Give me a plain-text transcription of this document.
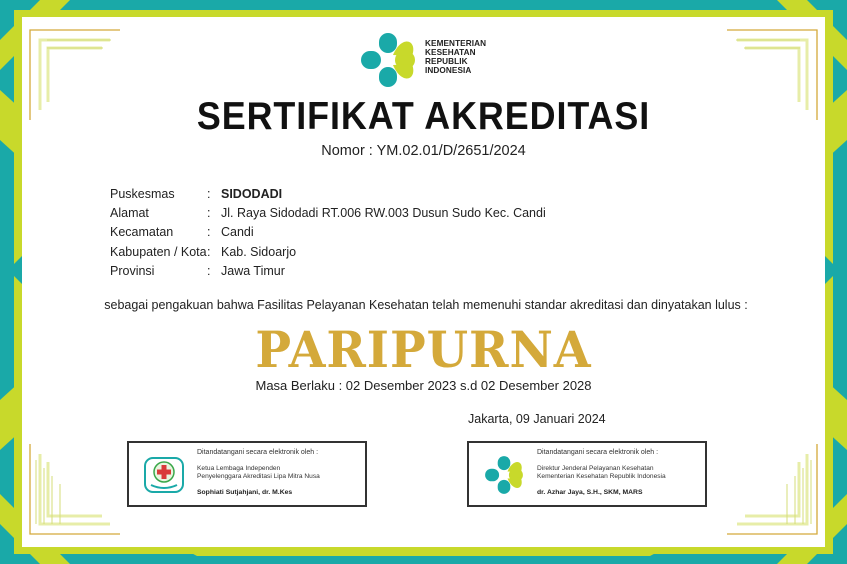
KEMENTERIAN
KESEHATAN
REPUBLIK
INDONESIA
SERTIFIKAT AKREDITASI
Nomor : YM.02.01/D/2651/2024
Puskesmas	: SIDODADI
Alamat	: Jl. Raya Sidodadi RT.006 RW.003 Dusun Sudo Kec. Candi
Kecamatan	: Candi
Kabupaten / Kota : Kab. Sidoarjo
Provinsi	: Jawa Timur
sebagai pengakuan bahwa Fasilitas Pelayanan Kesehatan telah memenuhi standar akreditasi dan dinyatakan lulus :
PARIPURNA
Masa Berlaku : 02 Desember 2023 s.d 02 Desember 2028
Jakarta, 09 Januari 2024
Ditandatangani secara elektronik oleh :
Ketua Lembaga Independen
Penyelenggara Akreditasi Lipa Mitra Nusa
Sophiati Sutjahjani, dr. M.Kes
Ditandatangani secara elektronik oleh :
Direktur Jenderal Pelayanan Kesehatan
Kementerian Kesehatan Republik Indonesia
dr. Azhar Jaya, S.H., SKM, MARS
